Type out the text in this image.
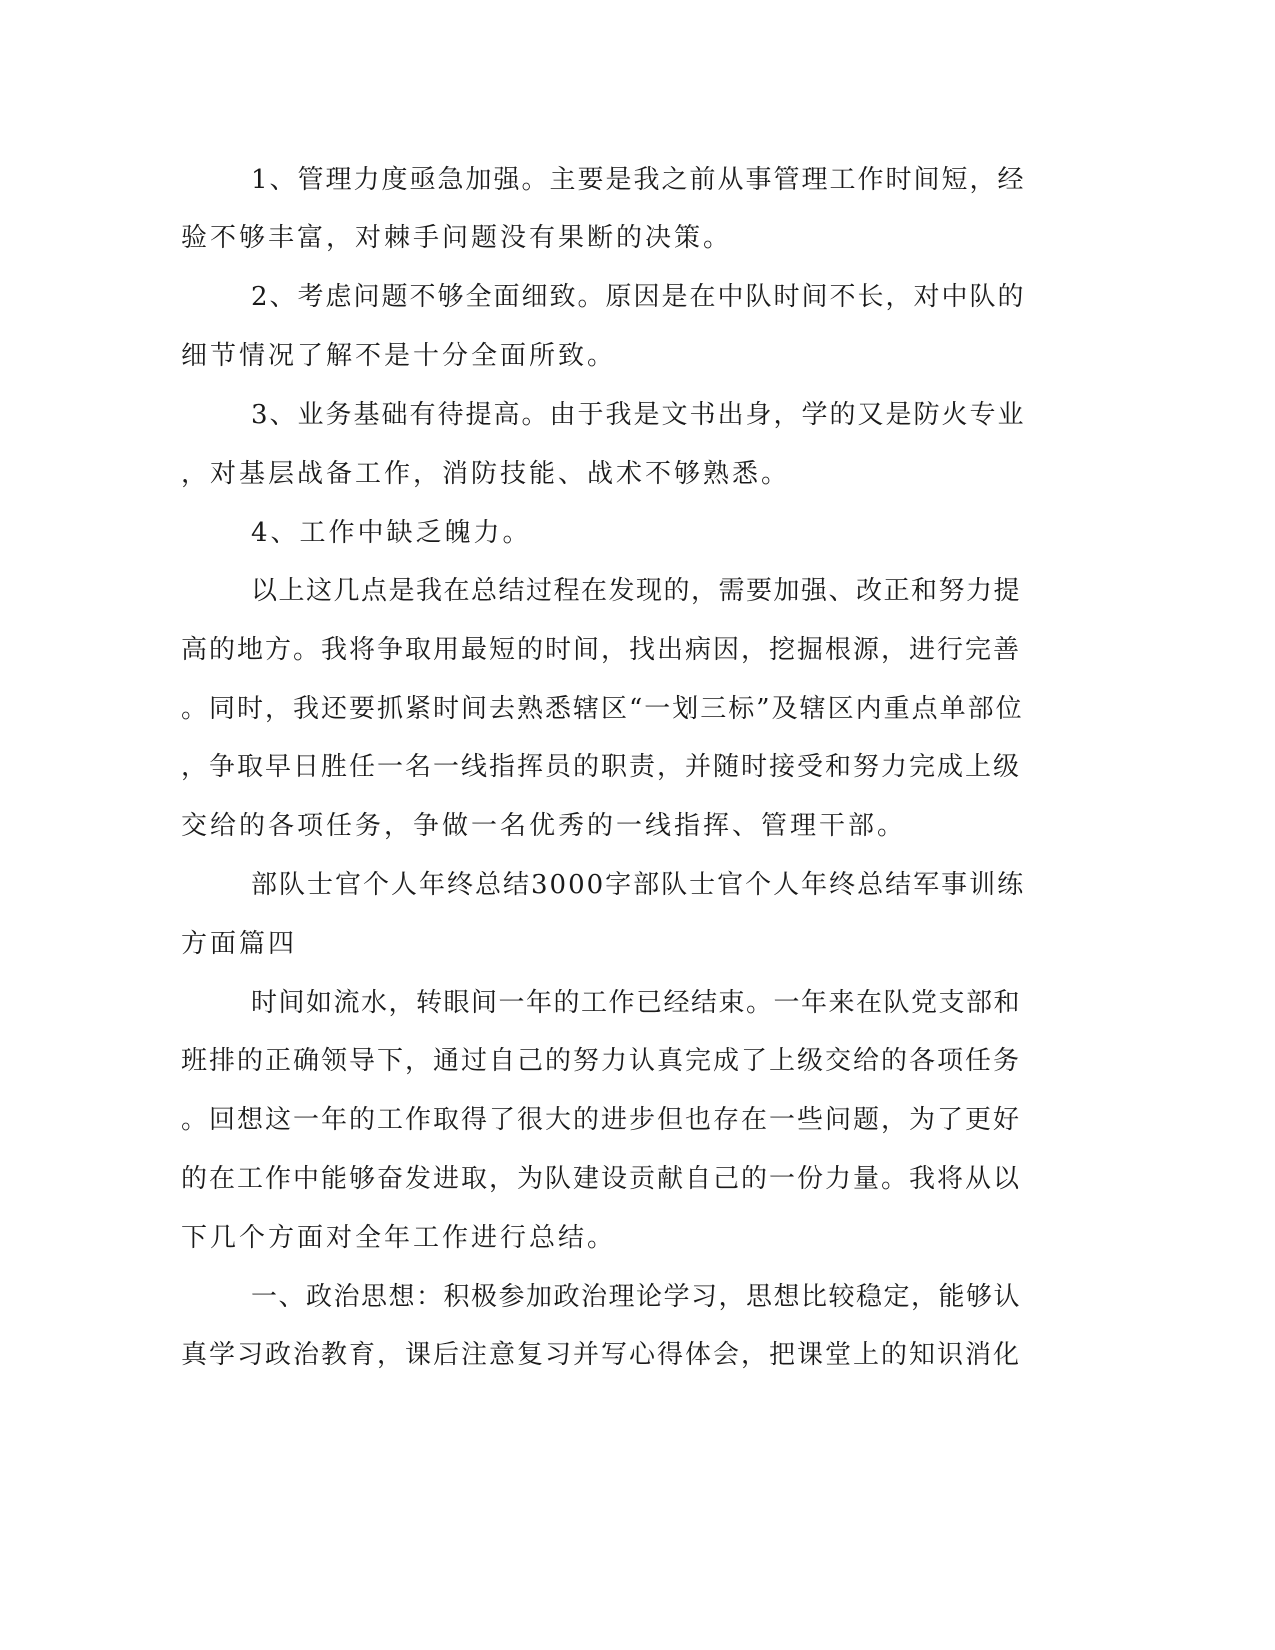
1、管理力度亟急加强。主要是我之前从事管理工作时间短，经
验不够丰富，对棘手问题没有果断的决策。
2、考虑问题不够全面细致。原因是在中队时间不长，对中队的
细节情况了解不是十分全面所致。
3、业务基础有待提高。由于我是文书出身，学的又是防火专业
，对基层战备工作，消防技能、战术不够熟悉。
4、工作中缺乏魄力。
以上这几点是我在总结过程在发现的，需要加强、改正和努力提
高的地方。我将争取用最短的时间，找出病因，挖掘根源，进行完善
。同时，我还要抓紧时间去熟悉辖区“一划三标”及辖区内重点单部位
，争取早日胜任一名一线指挥员的职责，并随时接受和努力完成上级
交给的各项任务，争做一名优秀的一线指挥、管理干部。
部队士官个人年终总结3000字部队士官个人年终总结军事训练
方面篇四
时间如流水，转眼间一年的工作已经结束。一年来在队党支部和
班排的正确领导下，通过自己的努力认真完成了上级交给的各项任务
。回想这一年的工作取得了很大的进步但也存在一些问题，为了更好
的在工作中能够奋发进取，为队建设贡献自己的一份力量。我将从以
下几个方面对全年工作进行总结。
一、政治思想：积极参加政治理论学习，思想比较稳定，能够认
真学习政治教育，课后注意复习并写心得体会，把课堂上的知识消化
